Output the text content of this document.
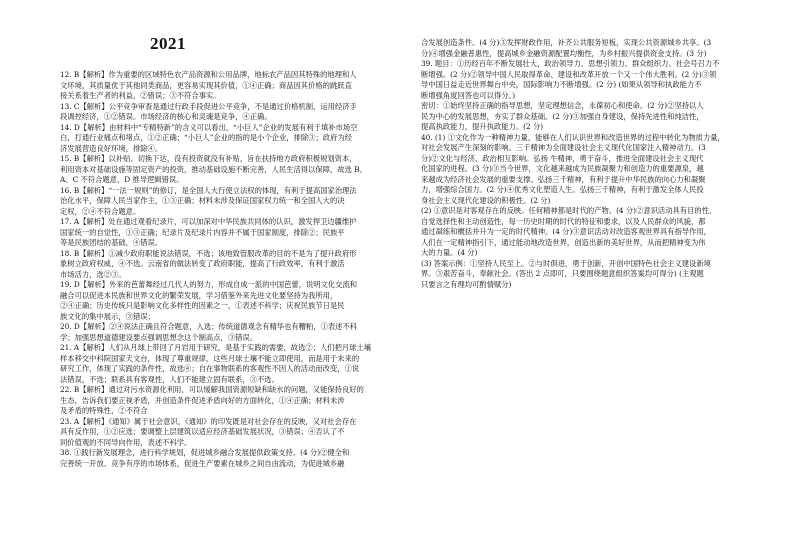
2021
12. B【解析】作为重要的区域特色农产品资源和公用品牌，地标农产品因其特殊的地理和人
文环境，其质量优于其他同类商品，更容易实现其价值，①④正确；商品因其价格的跳跃直
接关系着生产者的利益，②错误；③不符合事实。
13. C【解析】公平竞争审查是通过行政手段促进公平竞争，不是通过价格机制，运用经济手
段调控经济，①②错误。市场经济的核心和灵魂是竞争，④正确。
14. D【解析】由材料中“专精特新”的含义可以看出，“小巨人”企业的发展有利于填补市场空
白，打通行业痛点和堵点，①②正确；“小巨人”企业的指的是小个企业，排除③；政府为经
济发展营造良好环境，排除④。
15. B【解析】以补贴、切换下达，没有投资就没有补贴，旨在扶持地方政府积极规划资本，
利用资本对基础设施等固定资产的投资，推动基础设施不断完善，人民生活得以保障，故选 B。
A、C 不符合题意，D 推导逻辑错误。
16. B【解析】“一法一规则”的修订，是全国人大行使立法权的体现，有利于提高国家治理法
治化水平，保障人民当家作主，①③正确；材料未涉及保证国家权力统一和全国人大的决
定权，②④不符合题意。
17. A【解析】处在通过观看纪录片，可以加深对中华民族共同体的认识，激发捍卫边疆维护
国家统一的自觉性，①③正确；纪录片及纪录片内容并不属于国家制度，排除②；民族平
等是民族团结的基础，④错误。
18. B【解析】①减少政府职能说法错误，不选；该地致管服改革的目的不是为了提升政府形
象树立政府权威，④不选。云南省的做法转变了政府职能，提高了行政效率，有利于激活
市场活力，选②③。
19. D【解析】外来的芭蕾舞经过几代人的努力，形成自成一派的中国芭蕾，说明文化交流和
融合可以促进本民族和世界文化的繁荣发展，学习借鉴外来先进文化要坚持为我所用，
②④正确；历史传统只是影响文化多样性的因素之一，①表述不科学；庆祝民族节日是民
族文化的集中展示，③错误；
20. D【解析】②④说法正确且符合题意，入选；传统道德观念有精华也有糟粕，①表述不科
学；加强思想道德建设要点强调思想念这个制高点，③错误。
21. A【解析】人们从月球上带回了月岩用于研究，是基于实践的需要，故选②；人们把月球土壤
样本移交中科院国家天文台，体现了尊重规律，这些月球土壤不能立即使用，而是用于未来的
研究工作，体现了实践的条件性，故选④；自在事物联系的客观性不因人的活动而改变，①说
法错误，不选；联系具有客观性，人们不能建立固有联系，③不选。
22. B【解析】通过对污水资源化利用，可以缓解我国资源短缺和缺水的问题，又能保持良好的
生态，告诉我们要正视矛盾，并创造条件促进矛盾向好的方面转化，①④正确；材料未涉
及矛盾的特殊性，②不符合
23. A【解析】《通知》属于社会意识，《通知》的印发既是对社会存在的反映，又对社会存在
具有反作用，①②应选；要调整上层建筑以适应经济基础发展状况，③错误；④否认了不
同价值观的不同导向作用，表述不科学。
38. ①践行新发展理念，进行科学规划，促进城乡融合发展提供政策支持。(4 分)②健全和
完善统一开放、竞争有序的市场体系，促进生产要素在城乡之间自由流动，为促进城乡融
合发展创造条件。(4 分)③发挥财政作用，补齐公共服务短板，实现公共资源城乡共享。(3
分)④增强金融普惠性，提高城乡金融资源配置均衡性，为乡村振兴提供资金支持。(3 分)
39. 题目：①历经百年不断发展壮大，政治领导力、思想引领力、群众组织力、社会号召力不
断增强。(2 分)②领导中国人民取得革命、建设和改革开放一个又一个伟大胜利。(2 分)③领
导中国日益走近世界舞台中央，国际影响力不断增强。(2 分) (如果从领导和执政能力不
断增强角度回答也可以得分。)
密切：①始终坚持正确的指导思想，坚定理想信念，永葆初心和使命。(2 分)②坚持以人
民为中心的发展思想，夯实了群众基础。(2 分)③加强自身建设，保持先进性和纯洁性，
提高执政能力，提升执政能力。(2 分)
40. (1) ①文化作为一种精神力量，能够在人们认识世界和改造世界的过程中转化为物质力量，
对社会发展产生深刻的影响。三千精神为全面建设社会主义现代化国家注入精神动力。(3
分)②文化与经济、政治相互影响。弘扬 牛精神，勇于奋斗，推进全面建设社会主义现代
化国家的进程。(3 分)③当今世界，文化越来越成为民族凝聚力和创造力的重要源泉，越
来越成为经济社会发展的重要支撑。弘扬三千精神，有利于提升中华民族的向心力和凝聚
力，增强综合国力。(2 分)④优秀文化塑造人生。弘扬三千精神，有利于激发全体人民投
身社会主义现代化建设的积极性。(2 分)
(2) ①意识是对客观存在的反映。任何精神都是时代的产物。(4 分)②意识活动具有目的性、
自觉选择性和主动创造性，每一历史时期的时代的特征和要求，以及人民群众的风貌，都
通过凝练和概括并升为一定的时代精神。(4 分)③意识活动对改造客观世界具有指导作用，
人们在一定精神指引下，通过能动地改造世界，创造出新的美好世界，从而把精神变为伟
大的力量。(4 分)
(3) 答案示例：①坚持人民至上。②与时俱进，勇于创新，开创中国特色社会主义建设新境
界。③艰苦奋斗，奉献社会。(答出 2 点即可，只要围绕题意组织答案均可得分) (主观题
只要言之有理均可酌情赋分)
